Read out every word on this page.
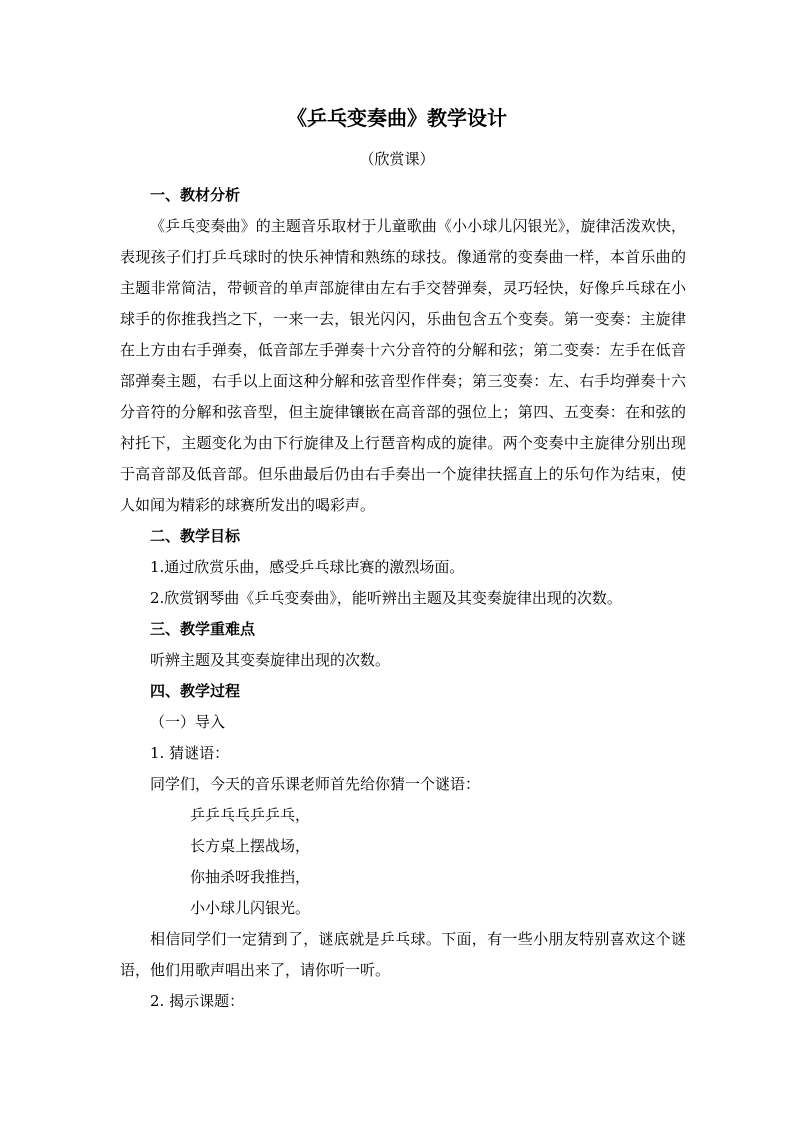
《乒乓变奏曲》教学设计
（欣赏课）

一、教材分析

《乒乓变奏曲》的主题音乐取材于儿童歌曲《小小球儿闪银光》，旋律活泼欢快，表现孩子们打乒乓球时的快乐神情和熟练的球技。像通常的变奏曲一样，本首乐曲的主题非常简洁，带顿音的单声部旋律由左右手交替弹奏，灵巧轻快，好像乒乓球在小球手的你推我挡之下，一来一去，银光闪闪，乐曲包含五个变奏。第一变奏：主旋律在上方由右手弹奏，低音部左手弹奏十六分音符的分解和弦；第二变奏：左手在低音部弹奏主题，右手以上面这种分解和弦音型作伴奏；第三变奏：左、右手均弹奏十六分音符的分解和弦音型，但主旋律镶嵌在高音部的强位上；第四、五变奏：在和弦的衬托下，主题变化为由下行旋律及上行琶音构成的旋律。两个变奏中主旋律分别出现于高音部及低音部。但乐曲最后仍由右手奏出一个旋律扶摇直上的乐句作为结束，使人如闻为精彩的球赛所发出的喝彩声。

二、教学目标

1.通过欣赏乐曲，感受乒乓球比赛的激烈场面。

2.欣赏钢琴曲《乒乓变奏曲》，能听辨出主题及其变奏旋律出现的次数。

三、教学重难点

听辨主题及其变奏旋律出现的次数。

四、教学过程

（一）导入

1. 猜谜语：

同学们，今天的音乐课老师首先给你猜一个谜语：

乒乒乓乓乒乒乓，

长方桌上摆战场，

你抽杀呀我推挡，

小小球儿闪银光。

相信同学们一定猜到了，谜底就是乒乓球。下面，有一些小朋友特别喜欢这个谜语，他们用歌声唱出来了，请你听一听。

2. 揭示课题：
